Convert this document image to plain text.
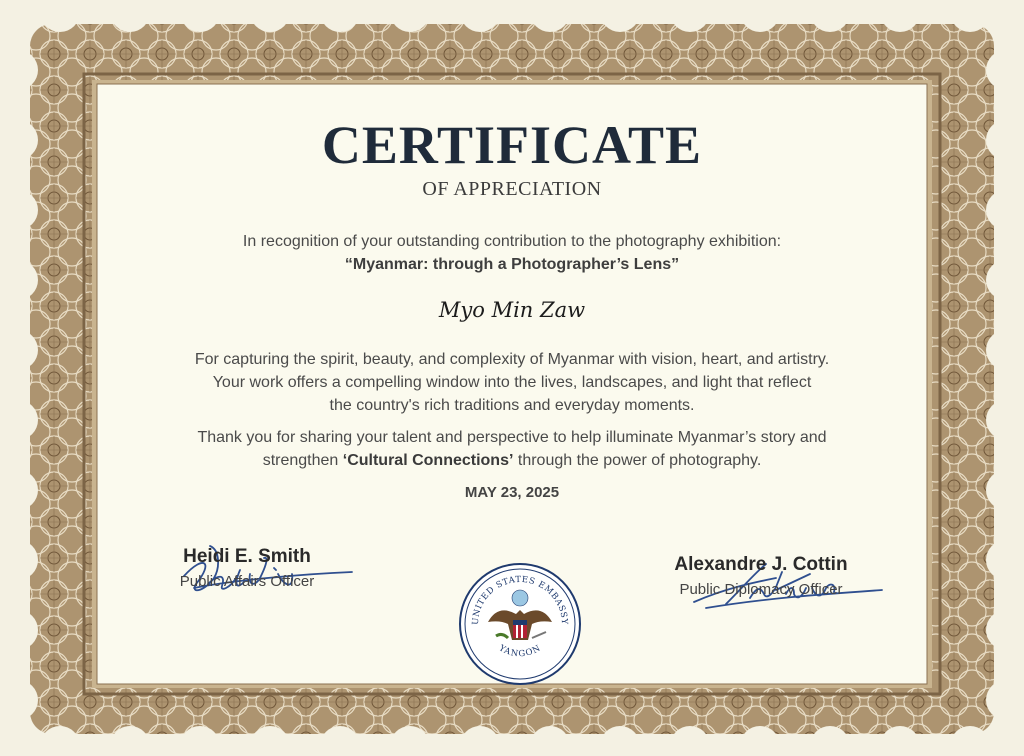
CERTIFICATE
OF APPRECIATION
In recognition of your outstanding contribution to the photography exhibition:
“Myanmar: through a Photographer’s Lens”
Myo Min Zaw
For capturing the spirit, beauty, and complexity of Myanmar with vision, heart, and artistry.
Your work offers a compelling window into the lives, landscapes, and light that reflect
the country's rich traditions and everyday moments.
Thank you for sharing your talent and perspective to help illuminate Myanmar’s story and
strengthen ‘Cultural Connections’ through the power of photography.
MAY 23, 2025
Heidi E. Smith
Public Affairs Officer
UNITED STATES EMBASSY
YANGON
Alexandre J. Cottin
Public Diplomacy Officer
